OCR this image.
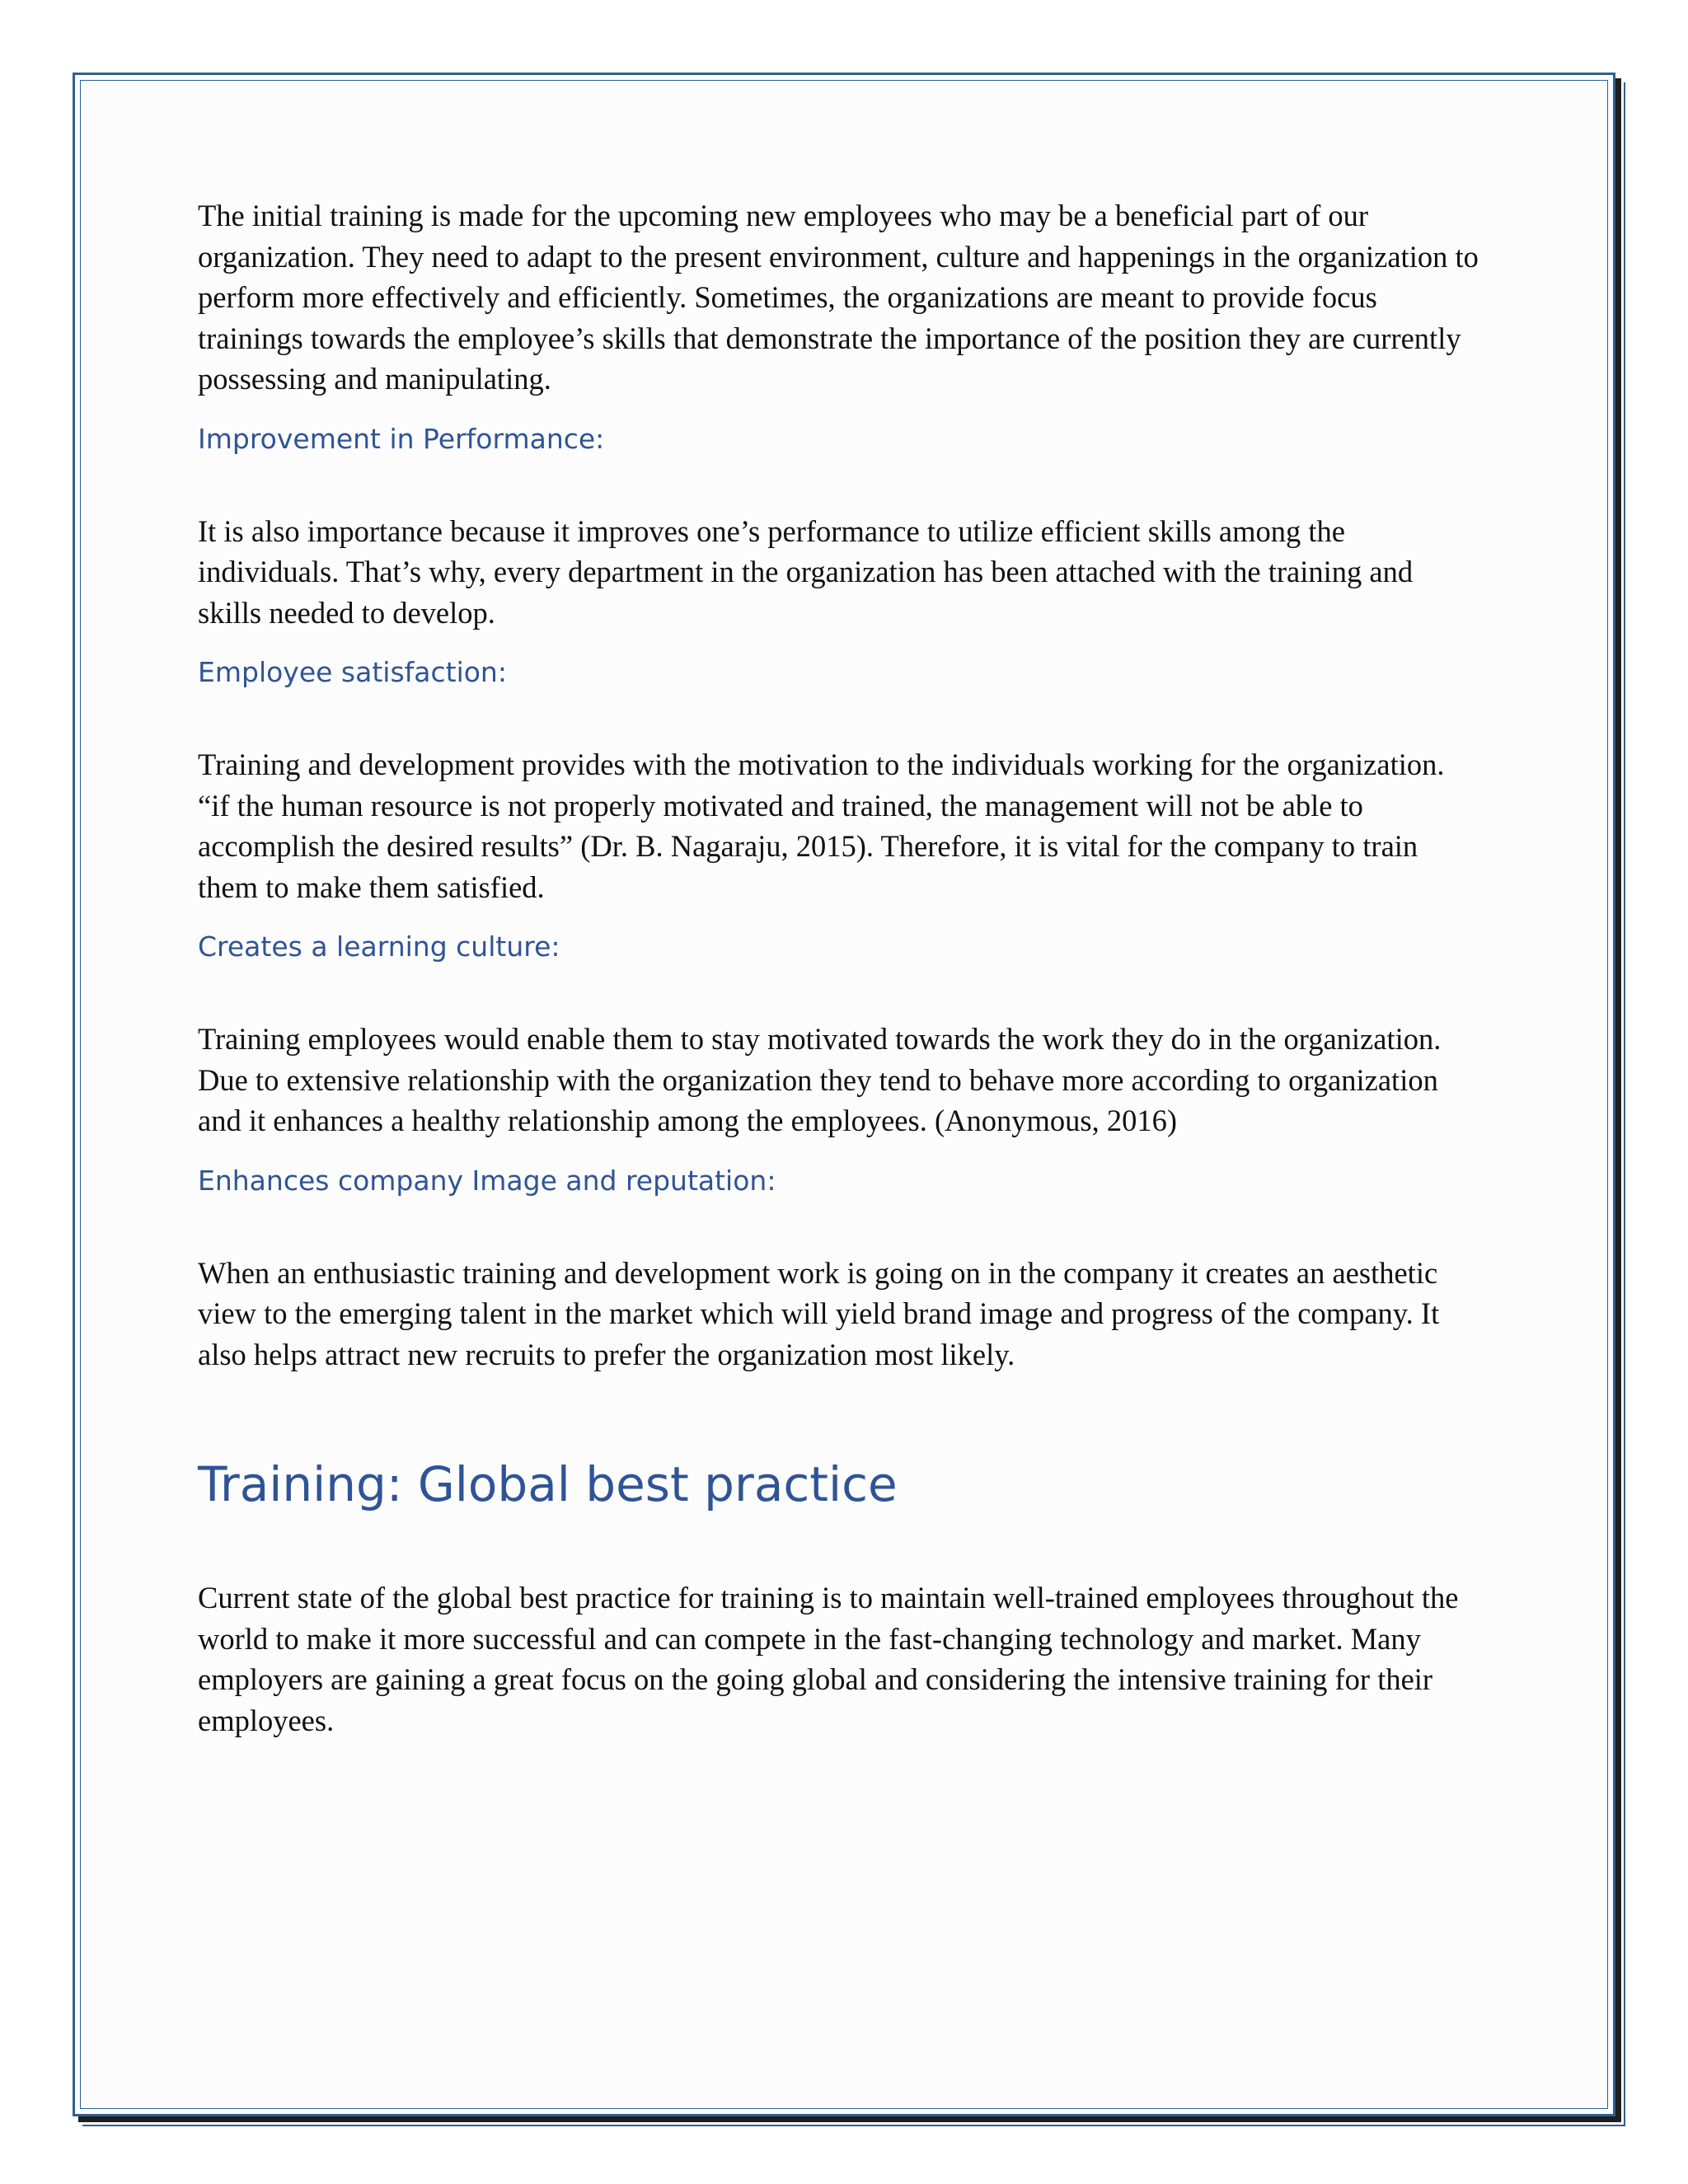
The initial training is made for the upcoming new employees who may be a beneficial part of our organization. They need to adapt to the present environment, culture and happenings in the organization to perform more effectively and efficiently. Sometimes, the organizations are meant to provide focus trainings towards the employee’s skills that demonstrate the importance of the position they are currently possessing and manipulating.

Improvement in Performance:

It is also importance because it improves one’s performance to utilize efficient skills among the individuals. That’s why, every department in the organization has been attached with the training and skills needed to develop.

Employee satisfaction:

Training and development provides with the motivation to the individuals working for the organization. “if the human resource is not properly motivated and trained, the management will not be able to accomplish the desired results” (Dr. B. Nagaraju, 2015). Therefore, it is vital for the company to train them to make them satisfied.

Creates a learning culture:

Training employees would enable them to stay motivated towards the work they do in the organization. Due to extensive relationship with the organization they tend to behave more according to organization and it enhances a healthy relationship among the employees. (Anonymous, 2016)

Enhances company Image and reputation:

When an enthusiastic training and development work is going on in the company it creates an aesthetic view to the emerging talent in the market which will yield brand image and progress of the company. It also helps attract new recruits to prefer the organization most likely.

Training: Global best practice

Current state of the global best practice for training is to maintain well-trained employees throughout the world to make it more successful and can compete in the fast-changing technology and market. Many employers are gaining a great focus on the going global and considering the intensive training for their employees.
